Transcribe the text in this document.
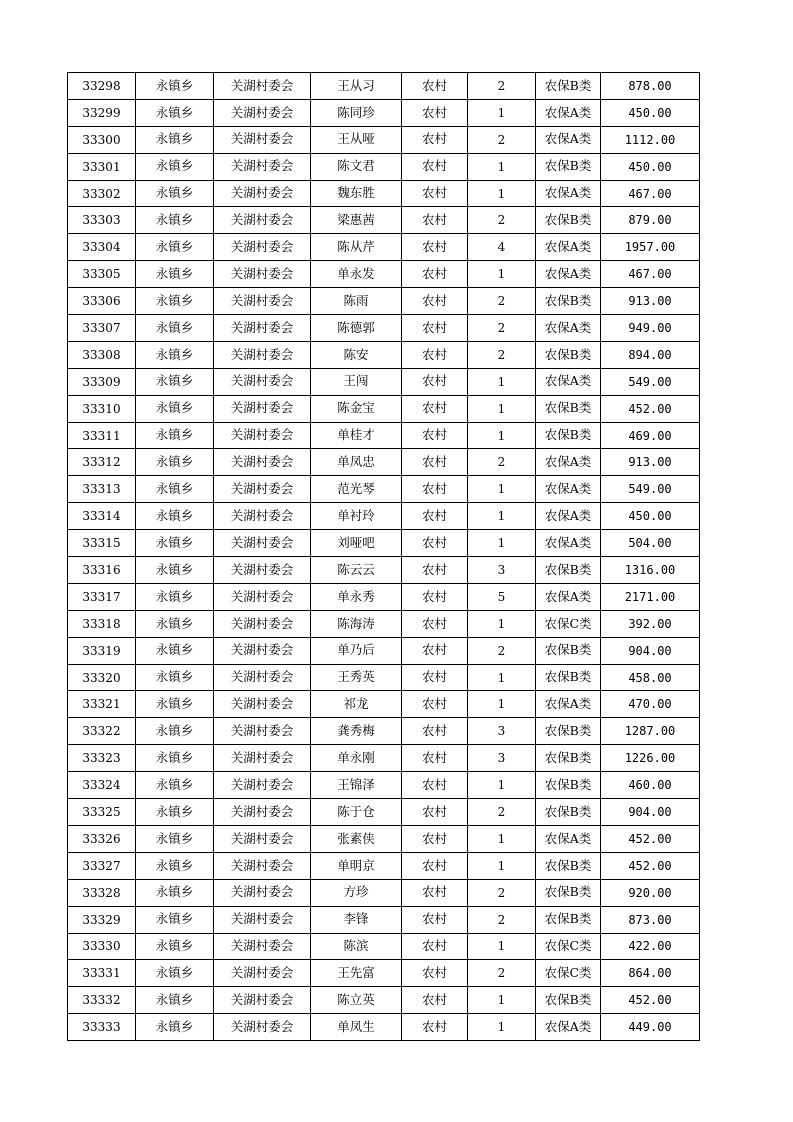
33298	永镇乡	关湖村委会	王从习	农村	2	农保B类	878.00
33299	永镇乡	关湖村委会	陈同珍	农村	1	农保A类	450.00
33300	永镇乡	关湖村委会	王从哑	农村	2	农保A类	1112.00
33301	永镇乡	关湖村委会	陈文君	农村	1	农保B类	450.00
33302	永镇乡	关湖村委会	魏东胜	农村	1	农保A类	467.00
33303	永镇乡	关湖村委会	梁惠茜	农村	2	农保B类	879.00
33304	永镇乡	关湖村委会	陈从芹	农村	4	农保A类	1957.00
33305	永镇乡	关湖村委会	单永发	农村	1	农保A类	467.00
33306	永镇乡	关湖村委会	陈雨	农村	2	农保B类	913.00
33307	永镇乡	关湖村委会	陈德郭	农村	2	农保A类	949.00
33308	永镇乡	关湖村委会	陈安	农村	2	农保B类	894.00
33309	永镇乡	关湖村委会	王闯	农村	1	农保A类	549.00
33310	永镇乡	关湖村委会	陈金宝	农村	1	农保B类	452.00
33311	永镇乡	关湖村委会	单桂才	农村	1	农保B类	469.00
33312	永镇乡	关湖村委会	单凤忠	农村	2	农保A类	913.00
33313	永镇乡	关湖村委会	范光琴	农村	1	农保A类	549.00
33314	永镇乡	关湖村委会	单衬玲	农村	1	农保A类	450.00
33315	永镇乡	关湖村委会	刘哑吧	农村	1	农保A类	504.00
33316	永镇乡	关湖村委会	陈云云	农村	3	农保B类	1316.00
33317	永镇乡	关湖村委会	单永秀	农村	5	农保A类	2171.00
33318	永镇乡	关湖村委会	陈海涛	农村	1	农保C类	392.00
33319	永镇乡	关湖村委会	单乃后	农村	2	农保B类	904.00
33320	永镇乡	关湖村委会	王秀英	农村	1	农保B类	458.00
33321	永镇乡	关湖村委会	祁龙	农村	1	农保A类	470.00
33322	永镇乡	关湖村委会	龚秀梅	农村	3	农保B类	1287.00
33323	永镇乡	关湖村委会	单永刚	农村	3	农保B类	1226.00
33324	永镇乡	关湖村委会	王锦泽	农村	1	农保B类	460.00
33325	永镇乡	关湖村委会	陈于仓	农村	2	农保B类	904.00
33326	永镇乡	关湖村委会	张素侠	农村	1	农保A类	452.00
33327	永镇乡	关湖村委会	单明京	农村	1	农保B类	452.00
33328	永镇乡	关湖村委会	方珍	农村	2	农保B类	920.00
33329	永镇乡	关湖村委会	李锋	农村	2	农保B类	873.00
33330	永镇乡	关湖村委会	陈滨	农村	1	农保C类	422.00
33331	永镇乡	关湖村委会	王先富	农村	2	农保C类	864.00
33332	永镇乡	关湖村委会	陈立英	农村	1	农保B类	452.00
33333	永镇乡	关湖村委会	单凤生	农村	1	农保A类	449.00
